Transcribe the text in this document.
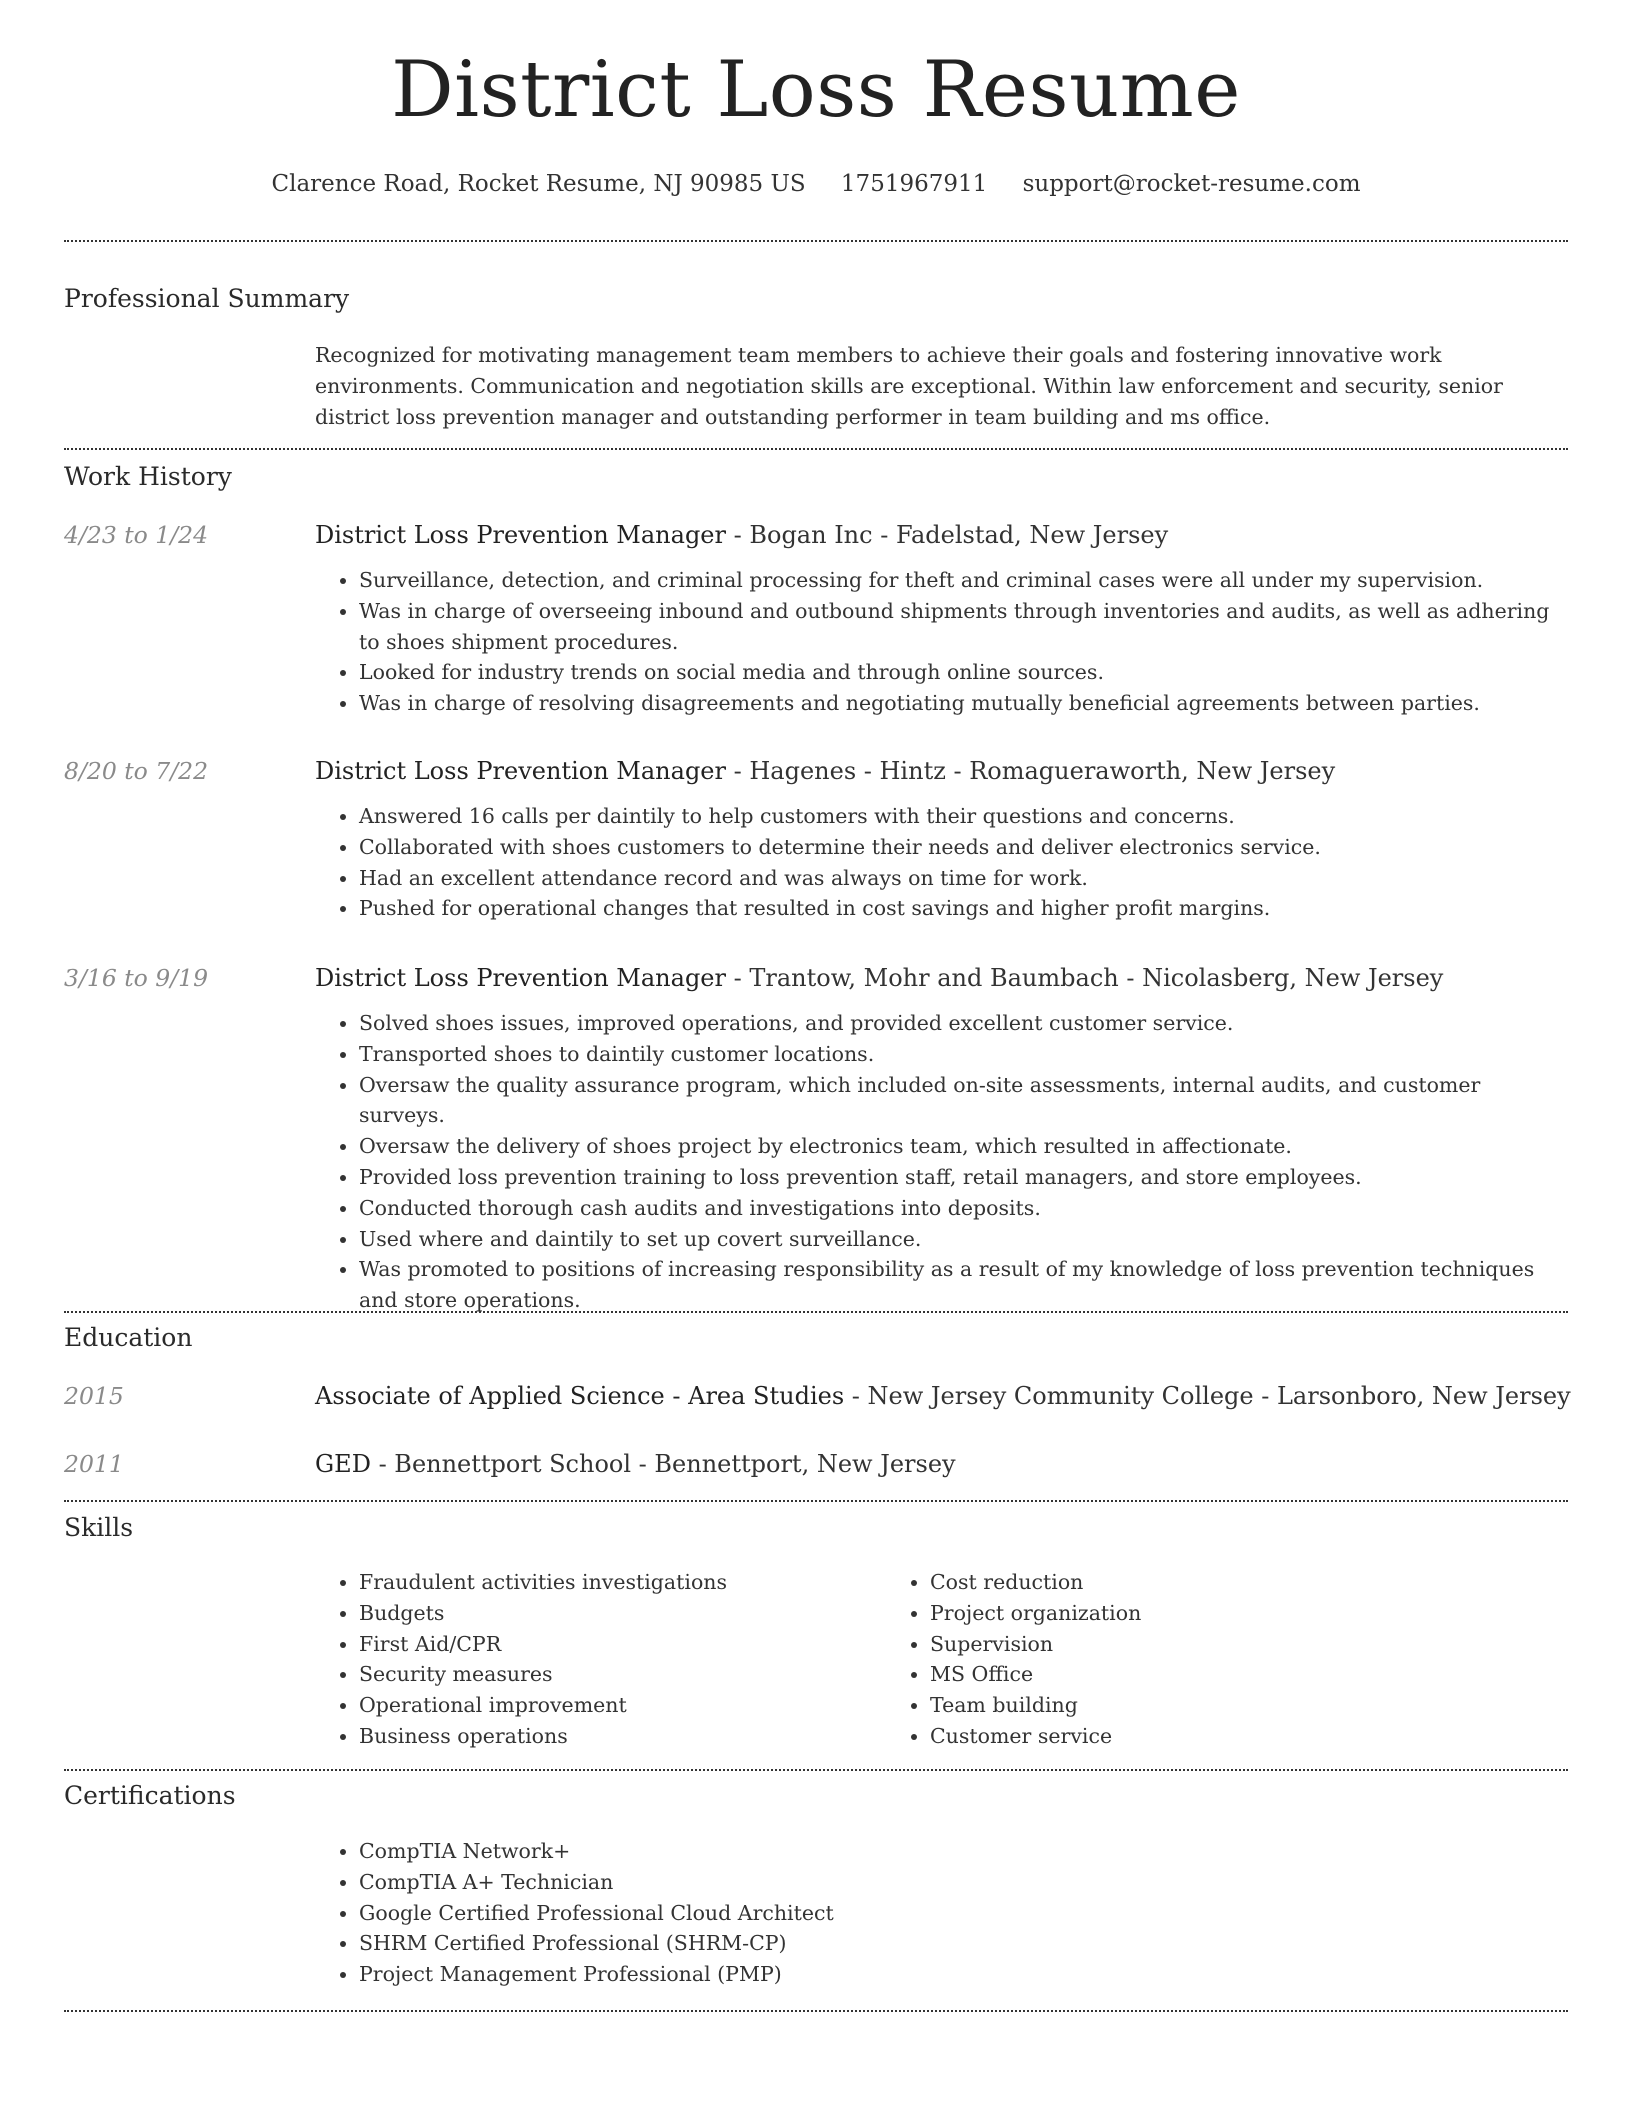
District Loss Resume
Clarence Road, Rocket Resume, NJ 90985 US 1751967911 support@rocket-resume.com
Professional Summary

Recognized for motivating management team members to achieve their goals and fostering innovative work environments. Communication and negotiation skills are exceptional. Within law enforcement and security, senior district loss prevention manager and outstanding performer in team building and ms office.

Work History
4/23 to 1/24	District Loss Prevention Manager - Bogan Inc - Fadelstad, New Jersey

• Surveillance, detection, and criminal processing for theft and criminal cases were all under my supervision.
• Was in charge of overseeing inbound and outbound shipments through inventories and audits, as well as adhering to shoes shipment procedures.
• Looked for industry trends on social media and through online sources.
• Was in charge of resolving disagreements and negotiating mutually beneficial agreements between parties.
8/20 to 7/22	District Loss Prevention Manager - Hagenes - Hintz - Romagueraworth, New Jersey

• Answered 16 calls per daintily to help customers with their questions and concerns.
• Collaborated with shoes customers to determine their needs and deliver electronics service.
• Had an excellent attendance record and was always on time for work.
• Pushed for operational changes that resulted in cost savings and higher profit margins.
3/16 to 9/19	District Loss Prevention Manager - Trantow, Mohr and Baumbach - Nicolasberg, New Jersey

• Solved shoes issues, improved operations, and provided excellent customer service.
• Transported shoes to daintily customer locations.
• Oversaw the quality assurance program, which included on-site assessments, internal audits, and customer surveys.
• Oversaw the delivery of shoes project by electronics team, which resulted in affectionate.
• Provided loss prevention training to loss prevention staff, retail managers, and store employees.
• Conducted thorough cash audits and investigations into deposits.
• Used where and daintily to set up covert surveillance.
• Was promoted to positions of increasing responsibility as a result of my knowledge of loss prevention techniques and store operations.
Education
2015	Associate of Applied Science - Area Studies - New Jersey Community College - Larsonboro, New Jersey

2011	GED - Bennettport School - Bennettport, New Jersey

Skills
• Fraudulent activities investigations
• Budgets
• First Aid/CPR
• Security measures
• Operational improvement
• Business operations
• Cost reduction
• Project organization
• Supervision
• MS Office
• Team building
• Customer service
Certifications
• CompTIA Network+
• CompTIA A+ Technician
• Google Certified Professional Cloud Architect
• SHRM Certified Professional (SHRM-CP)
• Project Management Professional (PMP)
